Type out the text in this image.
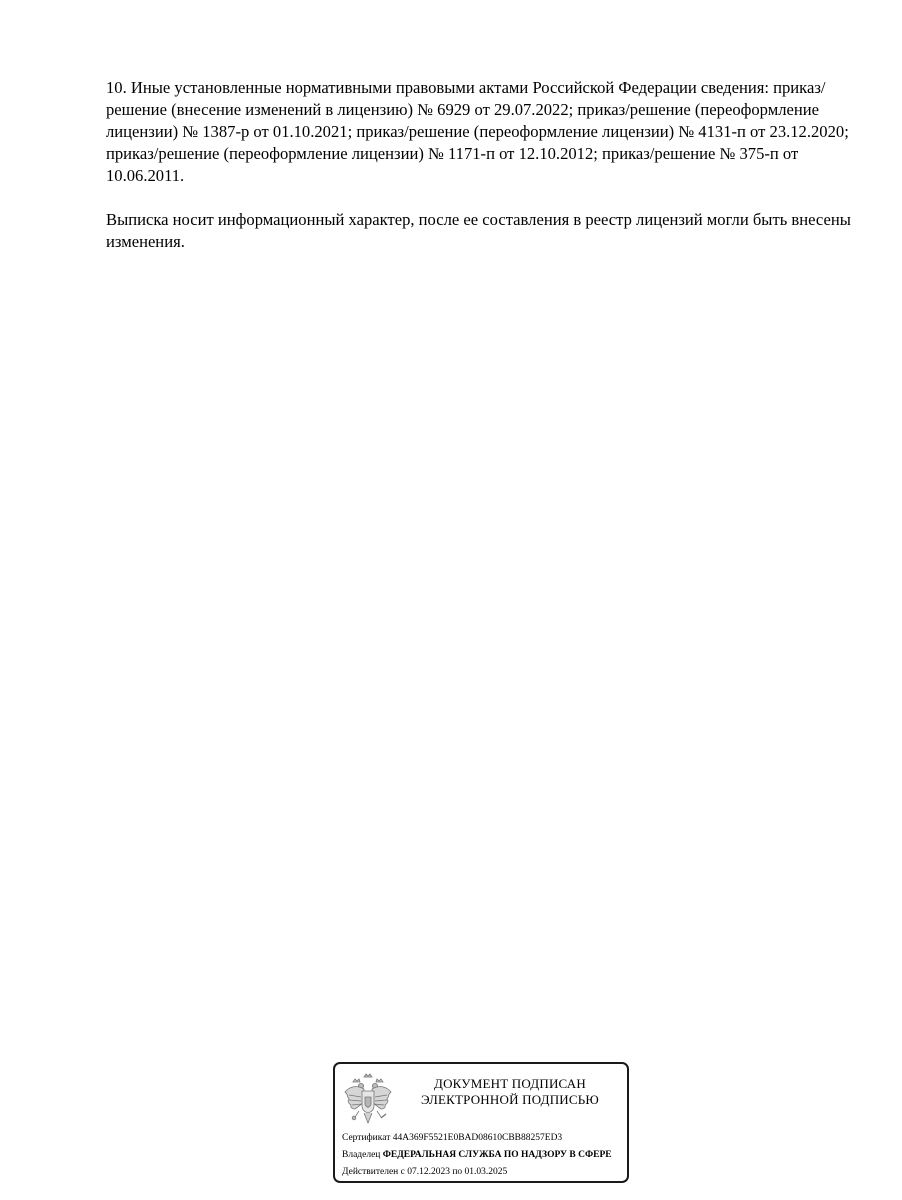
10. Иные установленные нормативными правовыми актами Российской Федерации сведения: приказ/решение (внесение изменений в лицензию) № 6929 от 29.07.2022; приказ/решение (переоформление лицензии) № 1387-р от 01.10.2021; приказ/решение (переоформление лицензии) № 4131-п от 23.12.2020; приказ/решение (переоформление лицензии) № 1171-п от 12.10.2012; приказ/решение № 375-п от 10.06.2011.

Выписка носит информационный характер, после ее составления в реестр лицензий могли быть внесены изменения.

ДОКУМЕНТ ПОДПИСАН
ЭЛЕКТРОННОЙ ПОДПИСЬЮ
Сертификат 44A369F5521E0BAD08610CBB88257ED3
Владелец ФЕДЕРАЛЬНАЯ СЛУЖБА ПО НАДЗОРУ В СФЕРЕ
Действителен с 07.12.2023 по 01.03.2025
